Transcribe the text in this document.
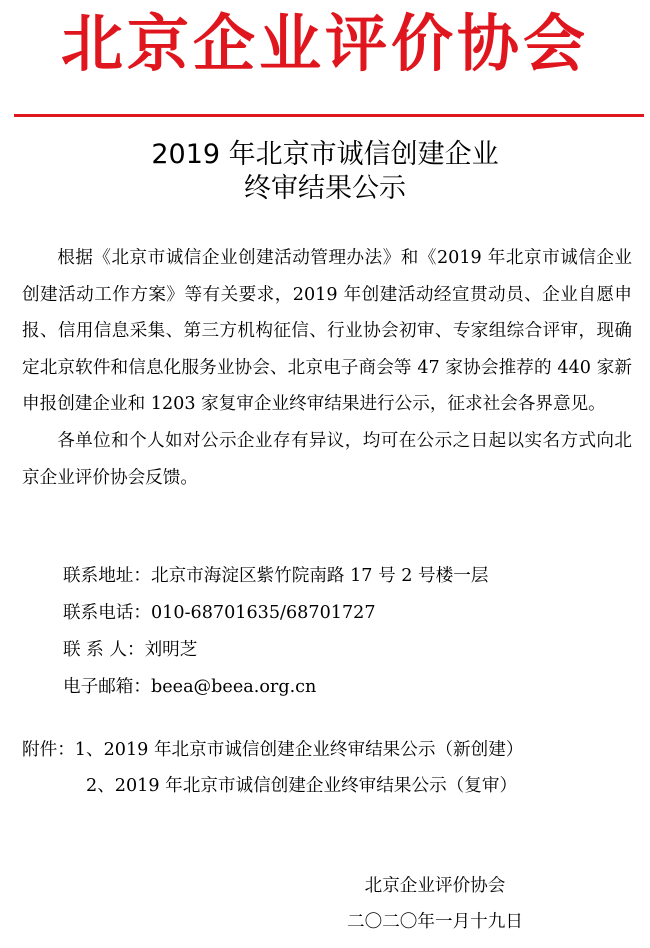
北京企业评价协会
2019 年北京市诚信创建企业
终审结果公示

根据《北京市诚信企业创建活动管理办法》和《2019 年北京市诚信企业创建活动工作方案》等有关要求，2019 年创建活动经宣贯动员、企业自愿申报、信用信息采集、第三方机构征信、行业协会初审、专家组综合评审，现确定北京软件和信息化服务业协会、北京电子商会等 47 家协会推荐的 440 家新申报创建企业和 1203 家复审企业终审结果进行公示，征求社会各界意见。

各单位和个人如对公示企业存有异议，均可在公示之日起以实名方式向北京企业评价协会反馈。

联系地址：北京市海淀区紫竹院南路 17 号 2 号楼一层
联系电话：010-68701635/68701727
联 系 人：刘明芝
电子邮箱：beea@beea.org.cn
附件：1、2019 年北京市诚信创建企业终审结果公示（新创建）
2、2019 年北京市诚信创建企业终审结果公示（复审）
北京企业评价协会
二〇二〇年一月十九日
